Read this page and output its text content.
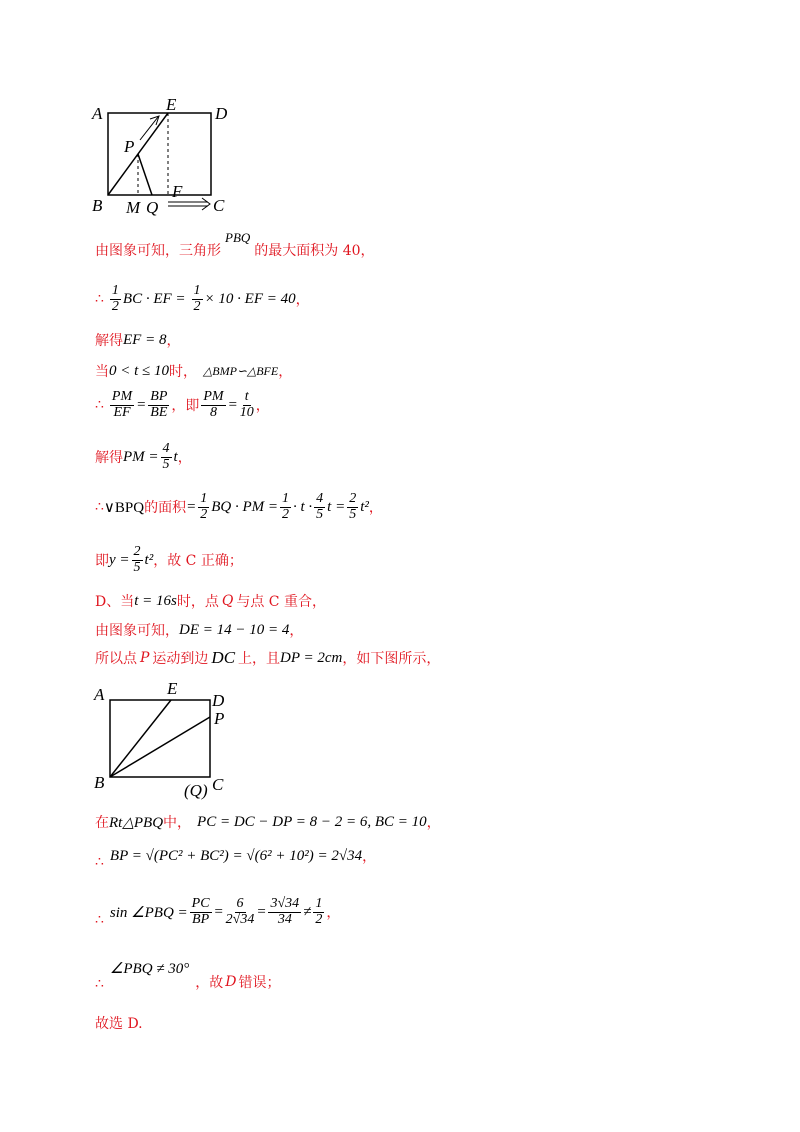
A	E D
P
B M Q
F
C
由图象可知，三角形
PBQ
的最大面积为 40，
∴ $\frac{1}{2}$ BC · EF = $\frac{1}{2} \times 10$ · EF = 40 ，
解得 EF = 8 ，
当 0 < t ≤ 10 时， △BMP∽△BFE ，
∴ $\frac{PM}{EF} = \frac{BP}{BE}$ ，即 $\frac{PM}{8} = \frac{t}{10}$ ，
解得 PM = $\frac{4}{5}$ t ，
∴ ∨BPQ 的面积 = $\frac{1}{2}$ BQ · PM = $\frac{1}{2} \cdot t \cdot \frac{4}{5}$ $t = \frac{2}{5} t^2$ ，
即 $y = \frac{2}{5} t^2$ ，故 C 正确；
D、当 t = 16s 时，点 Q 与点 C 重合，
由图象可知， DE = 14 − 10 = 4 ，
所以点 P 运动到边 DC 上，且 DP = 2cm ，如下图所示，
A	E
D
P
B	(Q) C
在 Rt△PBQ 中， PC = DC − DP = 8 − 2 = 6, BC = 10 ，
∴ BP = √(PC² + BC²) = √(6² + 10²) = 2√34 ，
∴ sin ∠PBQ = $\frac{PC}{BP} = \frac{6}{2√34} = \frac{3√34}{34} \ne \frac{1}{2}$ ，
∴
∠PBQ ≠ 30°
，故 D 错误；
故选 D.
